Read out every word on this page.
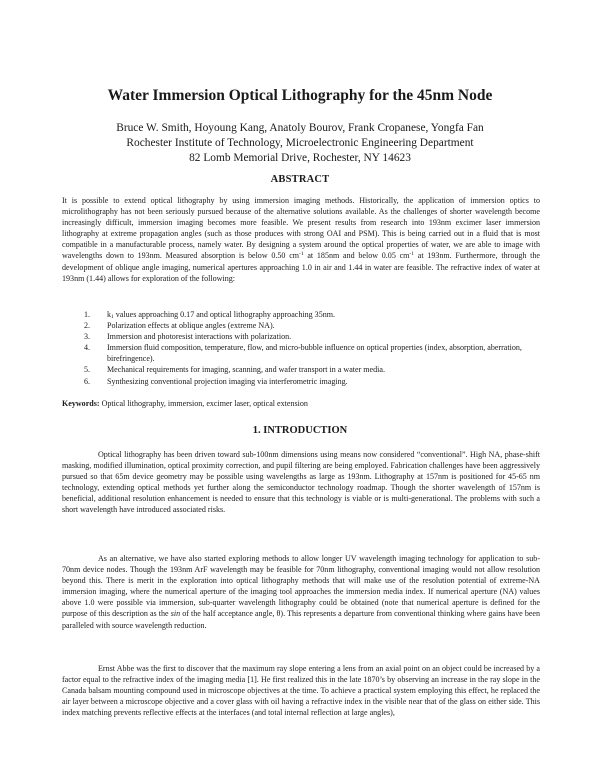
Water Immersion Optical Lithography for the 45nm Node
Bruce W. Smith, Hoyoung Kang, Anatoly Bourov, Frank Cropanese, Yongfa Fan
Rochester Institute of Technology, Microelectronic Engineering Department
82 Lomb Memorial Drive, Rochester, NY 14623
ABSTRACT
It is possible to extend optical lithography by using immersion imaging methods. Historically, the application of immersion optics to microlithography has not been seriously pursued because of the alternative solutions available. As the challenges of shorter wavelength become increasingly difficult, immersion imaging becomes more feasible. We present results from research into 193nm excimer laser immersion lithography at extreme propagation angles (such as those produces with strong OAI and PSM). This is being carried out in a fluid that is most compatible in a manufacturable process, namely water. By designing a system around the optical properties of water, we are able to image with wavelengths down to 193nm. Measured absorption is below 0.50 $cm^{-1}$ at 185nm and below 0.05 $cm^{-1}$ at 193nm. Furthermore, through the development of oblique angle imaging, numerical apertures approaching 1.0 in air and 1.44 in water are feasible. The refractive index of water at 193nm (1.44) allows for exploration of the following:
1. $k_1$ values approaching 0.17 and optical lithography approaching 35nm.
2. Polarization effects at oblique angles (extreme NA).
3. Immersion and photoresist interactions with polarization.
4. Immersion fluid composition, temperature, flow, and micro-bubble influence on optical properties (index, absorption, aberration, birefringence).
5. Mechanical requirements for imaging, scanning, and wafer transport in a water media.
6. Synthesizing conventional projection imaging via interferometric imaging.
Keywords: Optical lithography, immersion, excimer laser, optical extension
1. INTRODUCTION
Optical lithography has been driven toward sub-100nm dimensions using means now considered “conventional”. High NA, phase-shift masking, modified illumination, optical proximity correction, and pupil filtering are being employed. Fabrication challenges have been aggressively pursued so that 65m device geometry may be possible using wavelengths as large as 193nm. Lithography at 157nm is positioned for 45-65 nm technology, extending optical methods yet further along the semiconductor technology roadmap. Though the shorter wavelength of 157nm is beneficial, additional resolution enhancement is needed to ensure that this technology is viable or is multi-generational. The problems with such a short wavelength have introduced associated risks.
As an alternative, we have also started exploring methods to allow longer UV wavelength imaging technology for application to sub-70nm device nodes. Though the 193nm ArF wavelength may be feasible for 70nm lithography, conventional imaging would not allow resolution beyond this. There is merit in the exploration into optical lithography methods that will make use of the resolution potential of extreme-NA immersion imaging, where the numerical aperture of the imaging tool approaches the immersion media index. If numerical aperture (NA) values above 1.0 were possible via immersion, sub-quarter wavelength lithography could be obtained (note that numerical aperture is defined for the purpose of this description as the sin of the half acceptance angle, θ). This represents a departure from conventional thinking where gains have been paralleled with source wavelength reduction.
Ernst Abbe was the first to discover that the maximum ray slope entering a lens from an axial point on an object could be increased by a factor equal to the refractive index of the imaging media [1]. He first realized this in the late 1870’s by observing an increase in the ray slope in the Canada balsam mounting compound used in microscope objectives at the time. To achieve a practical system employing this effect, he replaced the air layer between a microscope objective and a cover glass with oil having a refractive index in the visible near that of the glass on either side. This index matching prevents reflective effects at the interfaces (and total internal reflection at large angles),
